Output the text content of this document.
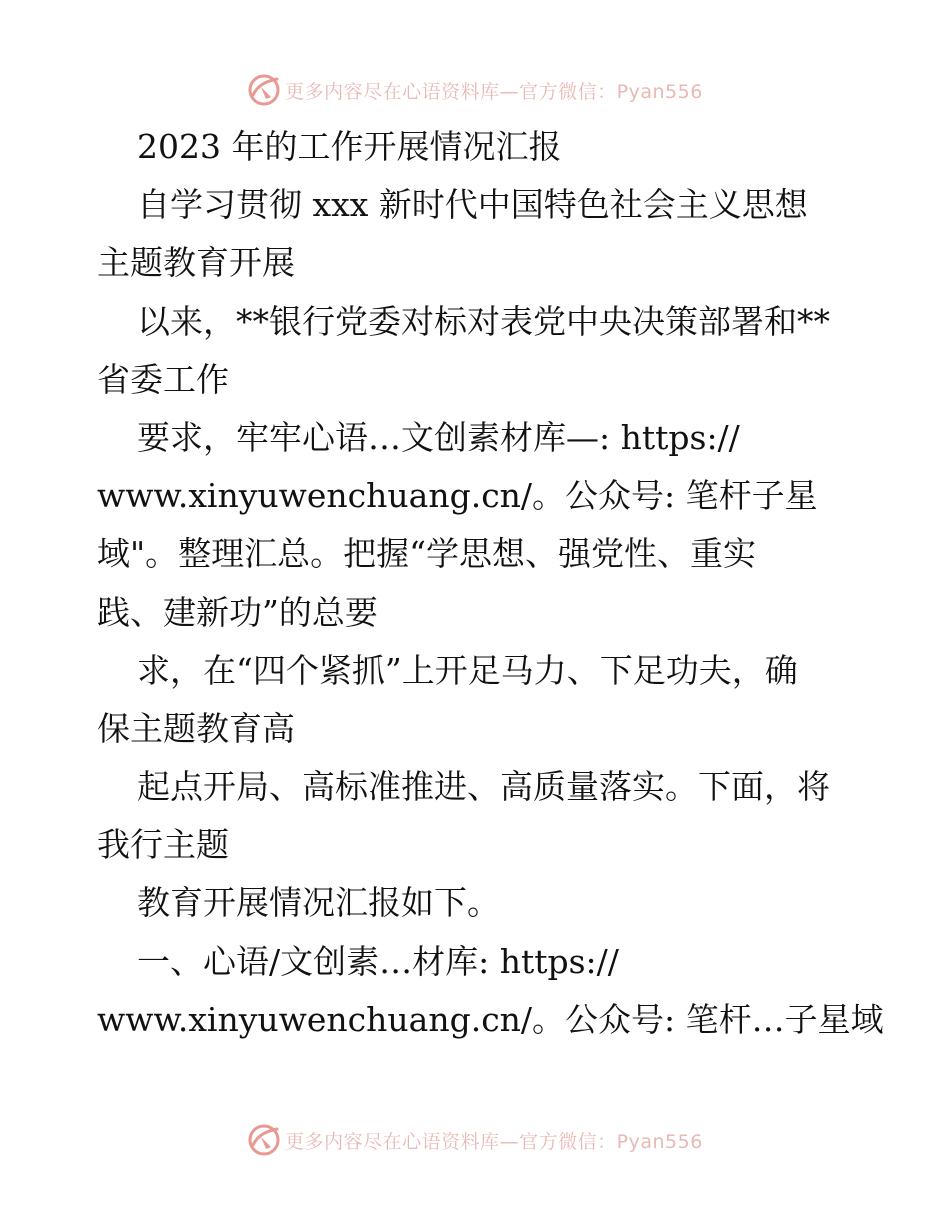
更多内容尽在心语资料库—官方微信：Pyan556
2023 年的工作开展情况汇报
自学习贯彻 xxx 新时代中国特色社会主义思想
主题教育开展
以来，**银行党委对标对表党中央决策部署和**
省委工作
要求，牢牢心语…文创素材库—: https://
www.xinyuwenchuang.cn/。公众号: 笔杆子星
域"。整理汇总。把握“学思想、强党性、重实
践、建新功”的总要
求，在“四个紧抓”上开足马力、下足功夫，确
保主题教育高
起点开局、高标准推进、高质量落实。下面，将
我行主题
教育开展情况汇报如下。
一、心语/文创素…材库: https://
www.xinyuwenchuang.cn/。公众号: 笔杆…子星域
更多内容尽在心语资料库—官方微信：Pyan556
